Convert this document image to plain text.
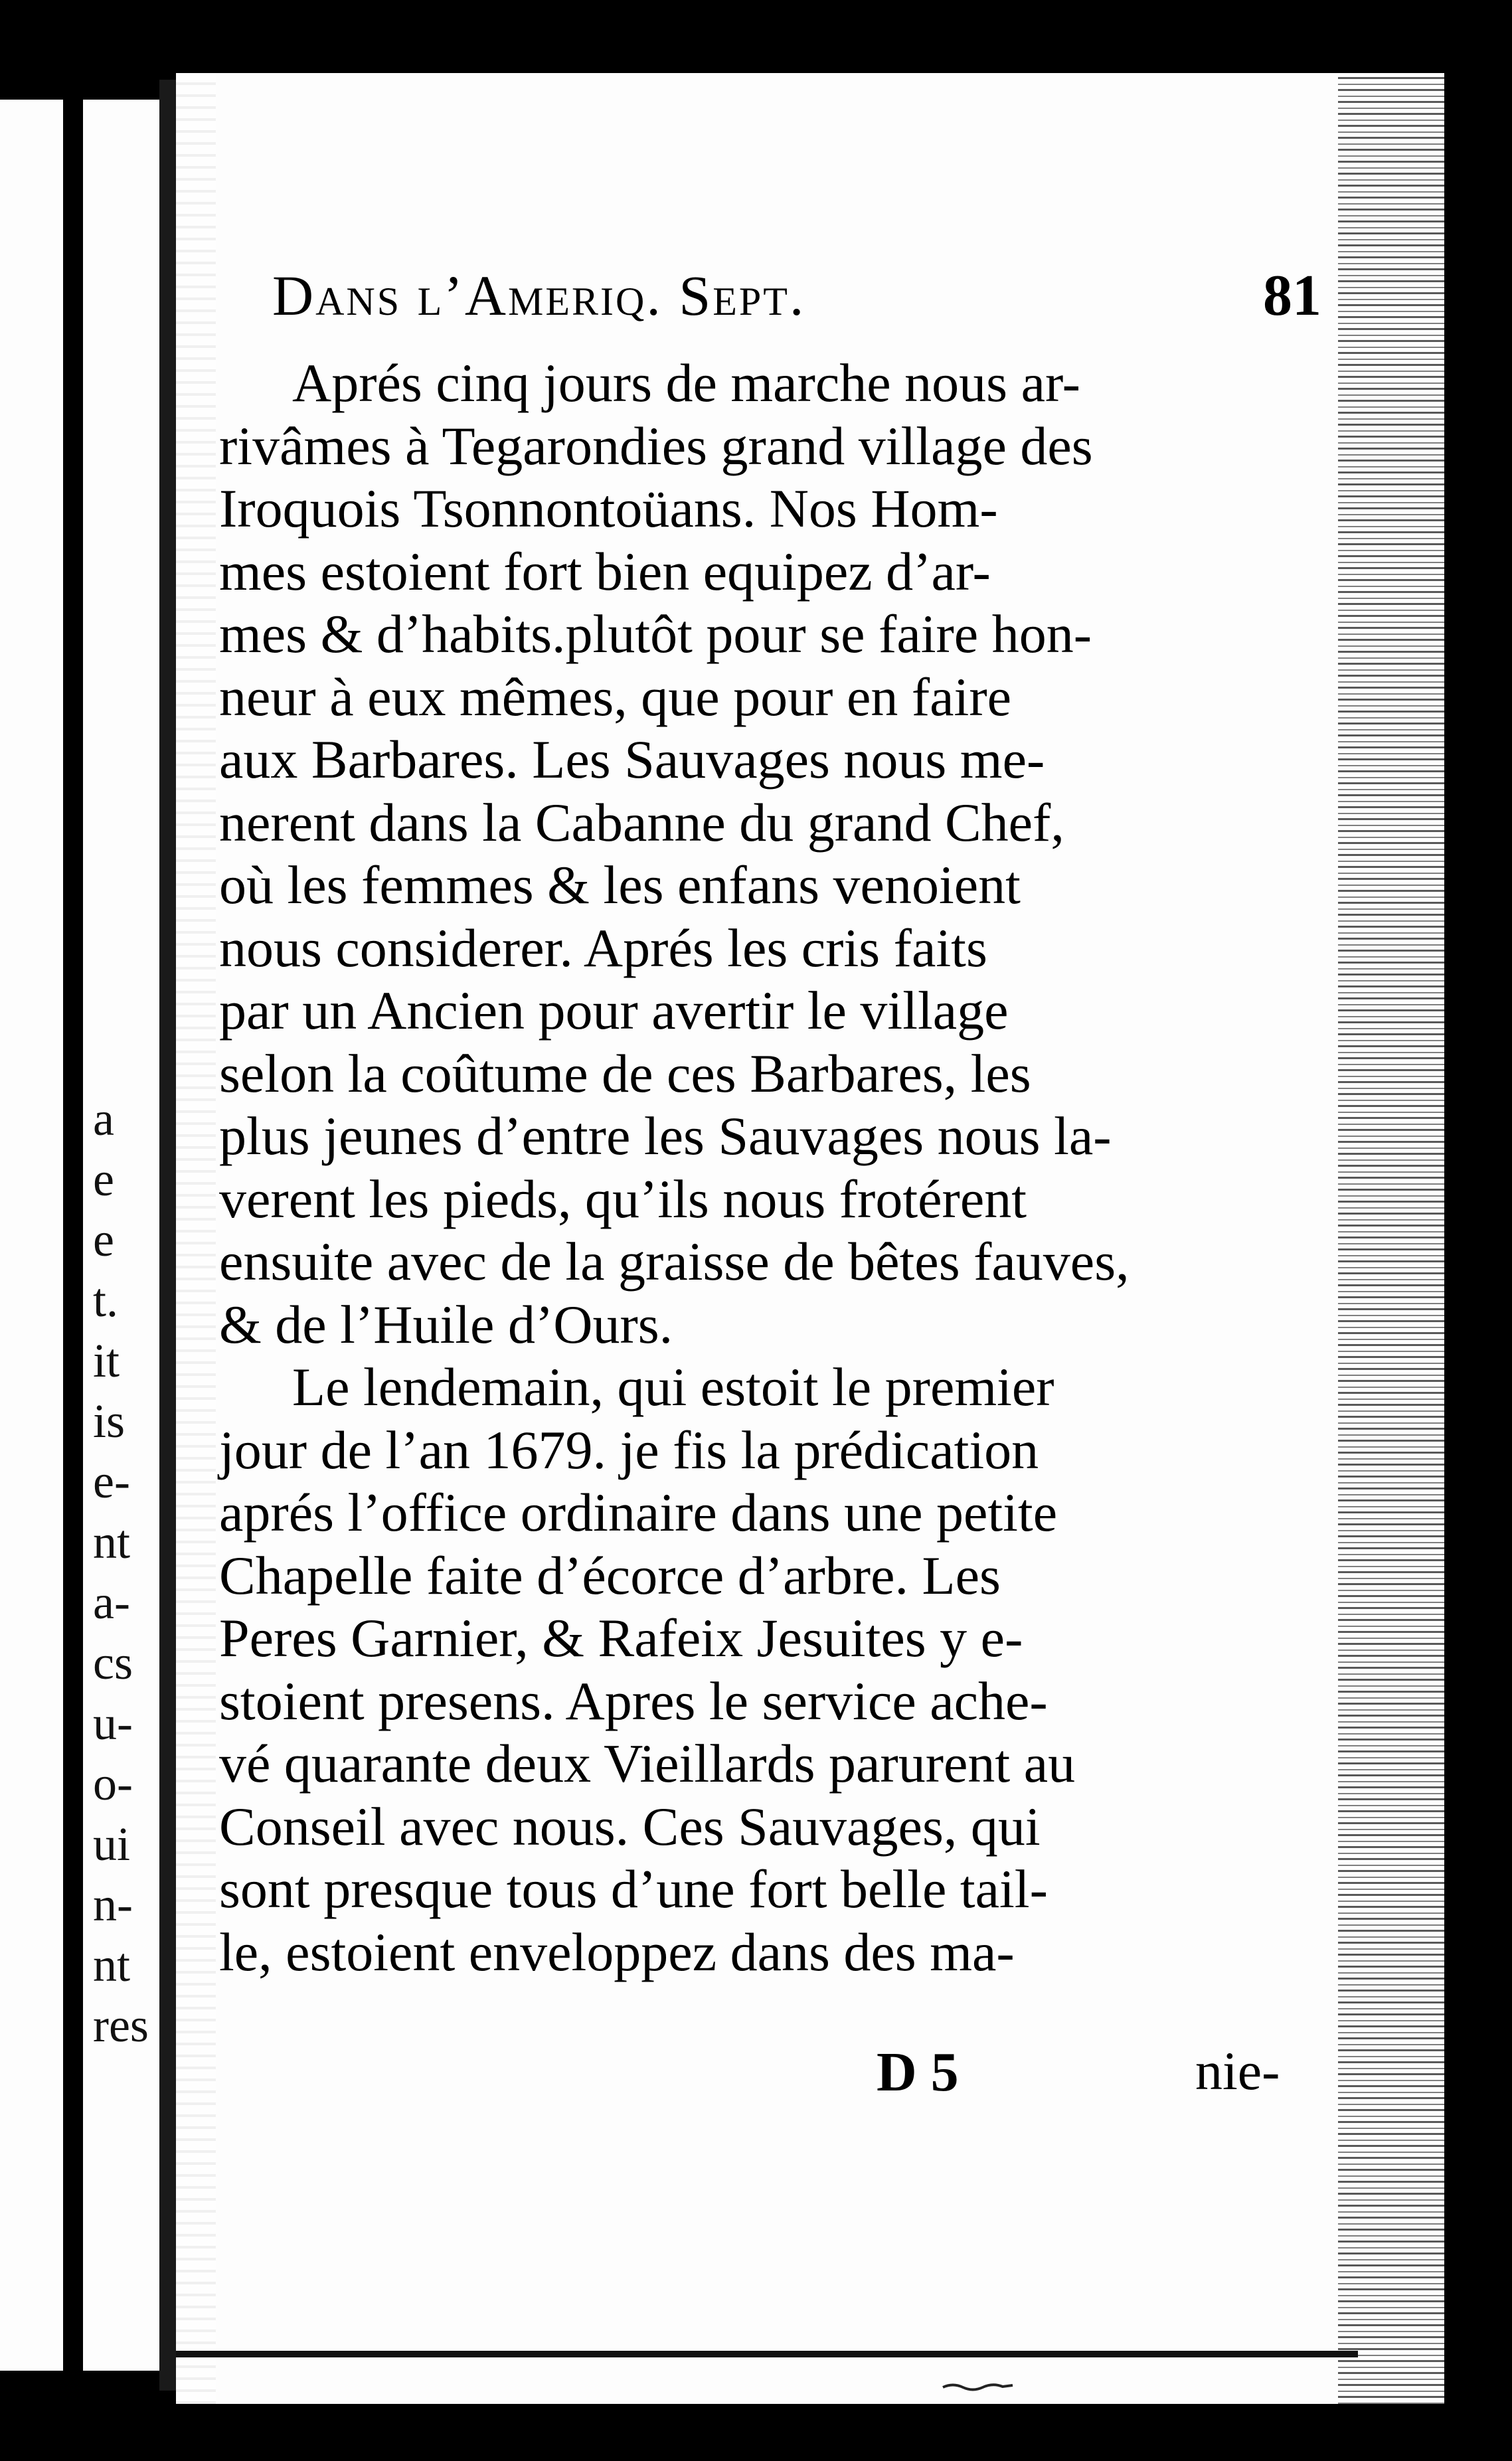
a
e
e
t.
it
is
e-
nt
a-
cs
u-
o-
ui
n-
nt
res
Dans l’Ameriq. Sept.	81
Aprés cinq jours de marche nous ar-
rivâmes à Tegarondies grand village des
Iroquois Tsonnontoüans. Nos Hom-
mes estoient fort bien equipez d’ar-
mes & d’habits.plutôt pour se faire hon-
neur à eux mêmes, que pour en faire
aux Barbares. Les Sauvages nous me-
nerent dans la Cabanne du grand Chef,
où les femmes & les enfans venoient
nous considerer. Aprés les cris faits
par un Ancien pour avertir le village
selon la coûtume de ces Barbares, les
plus jeunes d’entre les Sauvages nous la-
verent les pieds, qu’ils nous frotérent
ensuite avec de la graisse de bêtes fauves,
& de l’Huile d’Ours.
Le lendemain, qui estoit le premier
jour de l’an 1679. je fis la prédication
aprés l’office ordinaire dans une petite
Chapelle faite d’écorce d’arbre. Les
Peres Garnier, & Rafeix Jesuites y e-
stoient presens. Apres le service ache-
vé quarante deux Vieillards parurent au
Conseil avec nous. Ces Sauvages, qui
sont presque tous d’une fort belle tail-
le, estoient enveloppez dans des ma-
D 5	nie-
